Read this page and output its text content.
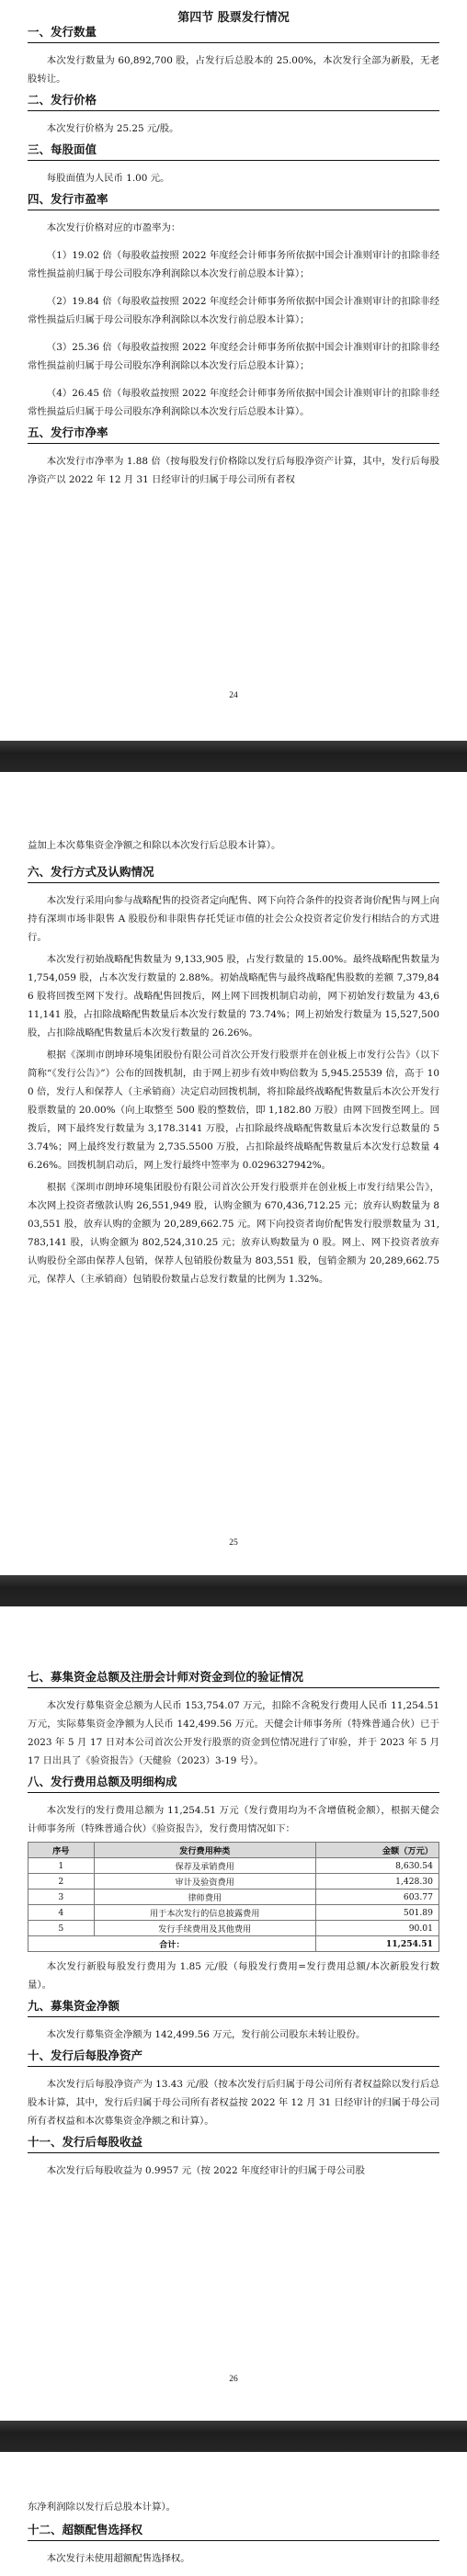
第四节 股票发行情况
一、发行数量

本次发行数量为 60,892,700 股，占发行后总股本的 25.00%，本次发行全部为新股，无老股转让。

二、发行价格

本次发行价格为 25.25 元/股。

三、每股面值

每股面值为人民币 1.00 元。

四、发行市盈率

本次发行价格对应的市盈率为：

（1）19.02 倍（每股收益按照 2022 年度经会计师事务所依据中国会计准则审计的扣除非经常性损益前归属于母公司股东净利润除以本次发行前总股本计算）；

（2）19.84 倍（每股收益按照 2022 年度经会计师事务所依据中国会计准则审计的扣除非经常性损益后归属于母公司股东净利润除以本次发行前总股本计算）；

（3）25.36 倍（每股收益按照 2022 年度经会计师事务所依据中国会计准则审计的扣除非经常性损益前归属于母公司股东净利润除以本次发行后总股本计算）；

（4）26.45 倍（每股收益按照 2022 年度经会计师事务所依据中国会计准则审计的扣除非经常性损益后归属于母公司股东净利润除以本次发行后总股本计算）。

五、发行市净率

本次发行市净率为 1.88 倍（按每股发行价格除以发行后每股净资产计算，其中，发行后每股净资产以 2022 年 12 月 31 日经审计的归属于母公司所有者权

24

益加上本次募集资金净额之和除以本次发行后总股本计算）。

六、发行方式及认购情况

本次发行采用向参与战略配售的投资者定向配售、网下向符合条件的投资者询价配售与网上向持有深圳市场非限售 A 股股份和非限售存托凭证市值的社会公众投资者定价发行相结合的方式进行。

本次发行初始战略配售数量为 9,133,905 股，占发行数量的 15.00%。最终战略配售数量为 1,754,059 股，占本次发行数量的 2.88%。初始战略配售与最终战略配售股数的差额 7,379,846 股将回拨至网下发行。战略配售回拨后，网上网下回拨机制启动前，网下初始发行数量为 43,611,141 股，占扣除战略配售数量后本次发行数量的 73.74%；网上初始发行数量为 15,527,500 股，占扣除战略配售数量后本次发行数量的 26.26%。

根据《深圳市朗坤环境集团股份有限公司首次公开发行股票并在创业板上市发行公告》（以下简称“《发行公告》”）公布的回拨机制，由于网上初步有效申购倍数为 5,945.25539 倍，高于 100 倍，发行人和保荐人（主承销商）决定启动回拨机制，将扣除最终战略配售数量后本次公开发行股票数量的 20.00%（向上取整至 500 股的整数倍，即 1,182.80 万股）由网下回拨至网上。回拨后，网下最终发行数量为 3,178.3141 万股，占扣除最终战略配售数量后本次发行总数量的 53.74%；网上最终发行数量为 2,735.5500 万股，占扣除最终战略配售数量后本次发行总数量 46.26%。回拨机制启动后，网上发行最终中签率为 0.0296327942%。

根据《深圳市朗坤环境集团股份有限公司首次公开发行股票并在创业板上市发行结果公告》，本次网上投资者缴款认购 26,551,949 股，认购金额为 670,436,712.25 元；放弃认购数量为 803,551 股，放弃认购的金额为 20,289,662.75 元。网下向投资者询价配售发行股票数量为 31,783,141 股，认购金额为 802,524,310.25 元；放弃认购数量为 0 股。网上、网下投资者放弃认购股份全部由保荐人包销，保荐人包销股份数量为 803,551 股，包销金额为 20,289,662.75 元，保荐人（主承销商）包销股份数量占总发行数量的比例为 1.32%。

25
七、募集资金总额及注册会计师对资金到位的验证情况

本次发行募集资金总额为人民币 153,754.07 万元，扣除不含税发行费用人民币 11,254.51 万元，实际募集资金净额为人民币 142,499.56 万元。天健会计师事务所（特殊普通合伙）已于 2023 年 5 月 17 日对本公司首次公开发行股票的资金到位情况进行了审验，并于 2023 年 5 月 17 日出具了《验资报告》（天健验（2023）3-19 号）。

八、发行费用总额及明细构成

本次发行的发行费用总额为 11,254.51 万元（发行费用均为不含增值税金额），根据天健会计师事务所（特殊普通合伙）《验资报告》，发行费用情况如下：

序号	发行费用种类	金额（万元）
1	保荐及承销费用	8,630.54
2	审计及验资费用	1,428.30
3	律师费用	603.77
4	用于本次发行的信息披露费用	501.89
5	发行手续费用及其他费用	90.01
合计：		11,254.51

本次发行新股每股发行费用为 1.85 元/股（每股发行费用=发行费用总额/本次新股发行数量）。

九、募集资金净额

本次发行募集资金净额为 142,499.56 万元，发行前公司股东未转让股份。

十、发行后每股净资产

本次发行后每股净资产为 13.43 元/股（按本次发行后归属于母公司所有者权益除以发行后总股本计算，其中，发行后归属于母公司所有者权益按 2022 年 12 月 31 日经审计的归属于母公司所有者权益和本次募集资金净额之和计算）。

十一、发行后每股收益

本次发行后每股收益为 0.9957 元（按 2022 年度经审计的归属于母公司股

26

东净利润除以发行后总股本计算）。

十二、超额配售选择权

本次发行未使用超额配售选择权。
